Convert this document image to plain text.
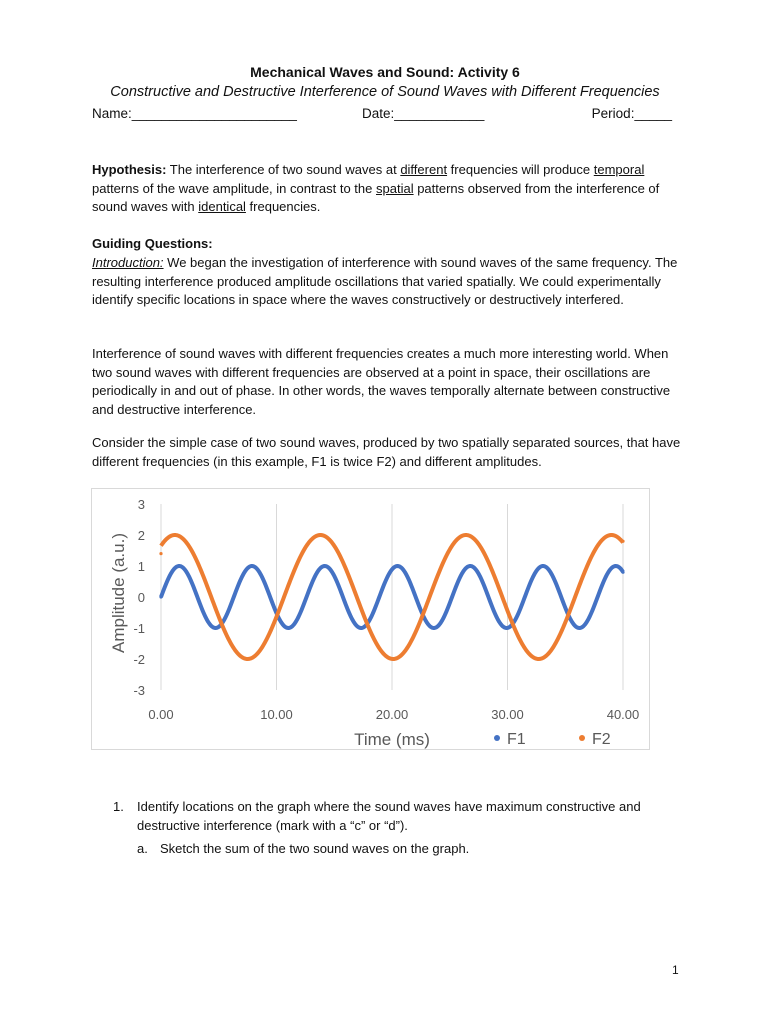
Mechanical Waves and Sound: Activity 6
Constructive and Destructive Interference of Sound Waves with Different Frequencies
Name:______________________	Date:____________	Period:_____
Hypothesis: The interference of two sound waves at different frequencies will produce temporal patterns of the wave amplitude, in contrast to the spatial patterns observed from the interference of sound waves with identical frequencies.
Guiding Questions:
Introduction: We began the investigation of interference with sound waves of the same frequency. The resulting interference produced amplitude oscillations that varied spatially. We could experimentally identify specific locations in space where the waves constructively or destructively interfered.
Interference of sound waves with different frequencies creates a much more interesting world. When two sound waves with different frequencies are observed at a point in space, their oscillations are periodically in and out of phase. In other words, the waves temporally alternate between constructive and destructive interference.
Consider the simple case of two sound waves, produced by two spatially separated sources, that have different frequencies (in this example, F1 is twice F2) and different amplitudes.
3
2
1
0
-1
-2
-3
0.00	10.00	20.00	30.00	40.00
Amplitude (a.u.)
Time (ms)	F1	F2
1. Identify locations on the graph where the sound waves have maximum constructive and destructive interference (mark with a “c” or “d”).
a. Sketch the sum of the two sound waves on the graph.
1
